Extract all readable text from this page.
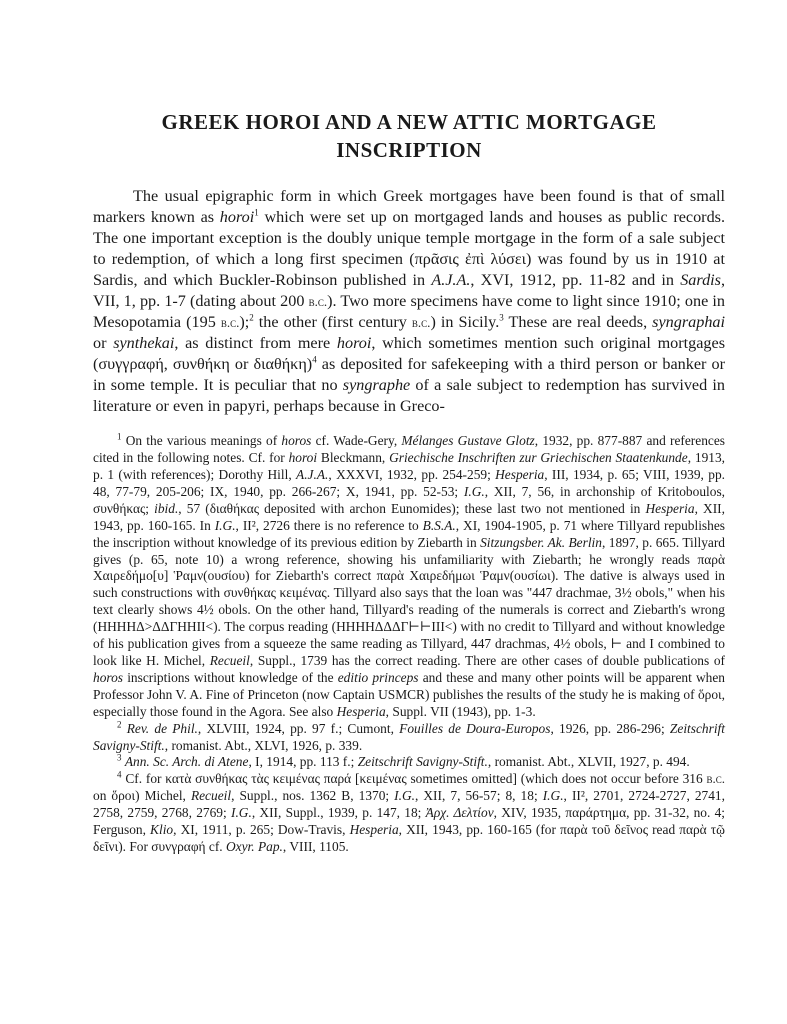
GREEK HOROI AND A NEW ATTIC MORTGAGE
INSCRIPTION

The usual epigraphic form in which Greek mortgages have been found is that of small markers known as horoi$^1$ which were set up on mortgaged lands and houses as public records. The one important exception is the doubly unique temple mortgage in the form of a sale subject to redemption, of which a long first specimen (πρᾶσις ἐπὶ λύσει) was found by us in 1910 at Sardis, and which Buckler-Robinson published in A.J.A., XVI, 1912, pp. 11-82 and in Sardis, VII, 1, pp. 1-7 (dating about 200 b.c.). Two more specimens have come to light since 1910; one in Mesopotamia (195 b.c.);$^2$ the other (first century b.c.) in Sicily.$^3$ These are real deeds, syngraphai or synthekai, as distinct from mere horoi, which sometimes mention such original mortgages (συγγραφή, συνθήκη or διαθήκη)$^4$ as deposited for safekeeping with a third person or banker or in some temple. It is peculiar that no syngraphe of a sale subject to redemption has survived in literature or even in papyri, perhaps because in Greco-

$^1$ On the various meanings of horos cf. Wade-Gery, Mélanges Gustave Glotz, 1932, pp. 877-887 and references cited in the following notes. Cf. for horoi Bleckmann, Griechische Inschriften zur Griechischen Staatenkunde, 1913, p. 1 (with references); Dorothy Hill, A.J.A., XXXVI, 1932, pp. 254-259; Hesperia, III, 1934, p. 65; VIII, 1939, pp. 48, 77-79, 205-206; IX, 1940, pp. 266-267; X, 1941, pp. 52-53; I.G., XII, 7, 56, in archonship of Kritoboulos, συνθήκας; ibid., 57 (διαθήκας deposited with archon Eunomides); these last two not mentioned in Hesperia, XII, 1943, pp. 160-165. In I.G., II², 2726 there is no reference to B.S.A., XI, 1904-1905, p. 71 where Tillyard republishes the inscription without knowledge of its previous edition by Ziebarth in Sitzungsber. Ak. Berlin, 1897, p. 665. Tillyard gives (p. 65, note 10) a wrong reference, showing his unfamiliarity with Ziebarth; he wrongly reads παρὰ Χαιρεδήμο[υ] Ῥαμν(ουσίου) for Ziebarth's correct παρὰ Χαιρεδήμωι Ῥαμν(ουσίωι). The dative is always used in such constructions with συνθήκας κειμένας. Tillyard also says that the loan was "447 drachmae, 3½ obols," when his text clearly shows 4½ obols. On the other hand, Tillyard's reading of the numerals is correct and Ziebarth's wrong (HHHHΔ>ΔΔΓHHII<). The corpus reading (HHHHΔΔΔΓ⊢⊢III<) with no credit to Tillyard and without knowledge of his publication gives from a squeeze the same reading as Tillyard, 447 drachmas, 4½ obols, ⊢ and I combined to look like H. Michel, Recueil, Suppl., 1739 has the correct reading. There are other cases of double publications of horos inscriptions without knowledge of the editio princeps and these and many other points will be apparent when Professor John V. A. Fine of Princeton (now Captain USMCR) publishes the results of the study he is making of ὅροι, especially those found in the Agora. See also Hesperia, Suppl. VII (1943), pp. 1-3.

$^2$ Rev. de Phil., XLVIII, 1924, pp. 97 f.; Cumont, Fouilles de Doura-Europos, 1926, pp. 286-296; Zeitschrift Savigny-Stift., romanist. Abt., XLVI, 1926, p. 339.

$^3$ Ann. Sc. Arch. di Atene, I, 1914, pp. 113 f.; Zeitschrift Savigny-Stift., romanist. Abt., XLVII, 1927, p. 494.

$^4$ Cf. for κατὰ συνθήκας τὰς κειμένας παρά [κειμένας sometimes omitted] (which does not occur before 316 b.c. on ὅροι) Michel, Recueil, Suppl., nos. 1362 B, 1370; I.G., XII, 7, 56-57; 8, 18; I.G., II², 2701, 2724-2727, 2741, 2758, 2759, 2768, 2769; I.G., XII, Suppl., 1939, p. 147, 18; Ἀρχ. Δελτίον, XIV, 1935, παράρτημα, pp. 31-32, no. 4; Ferguson, Klio, XI, 1911, p. 265; Dow-Travis, Hesperia, XII, 1943, pp. 160-165 (for παρὰ τοῦ δεῖνος read παρὰ τῷ δεῖνι). For συνγραφή cf. Oxyr. Pap., VIII, 1105.
